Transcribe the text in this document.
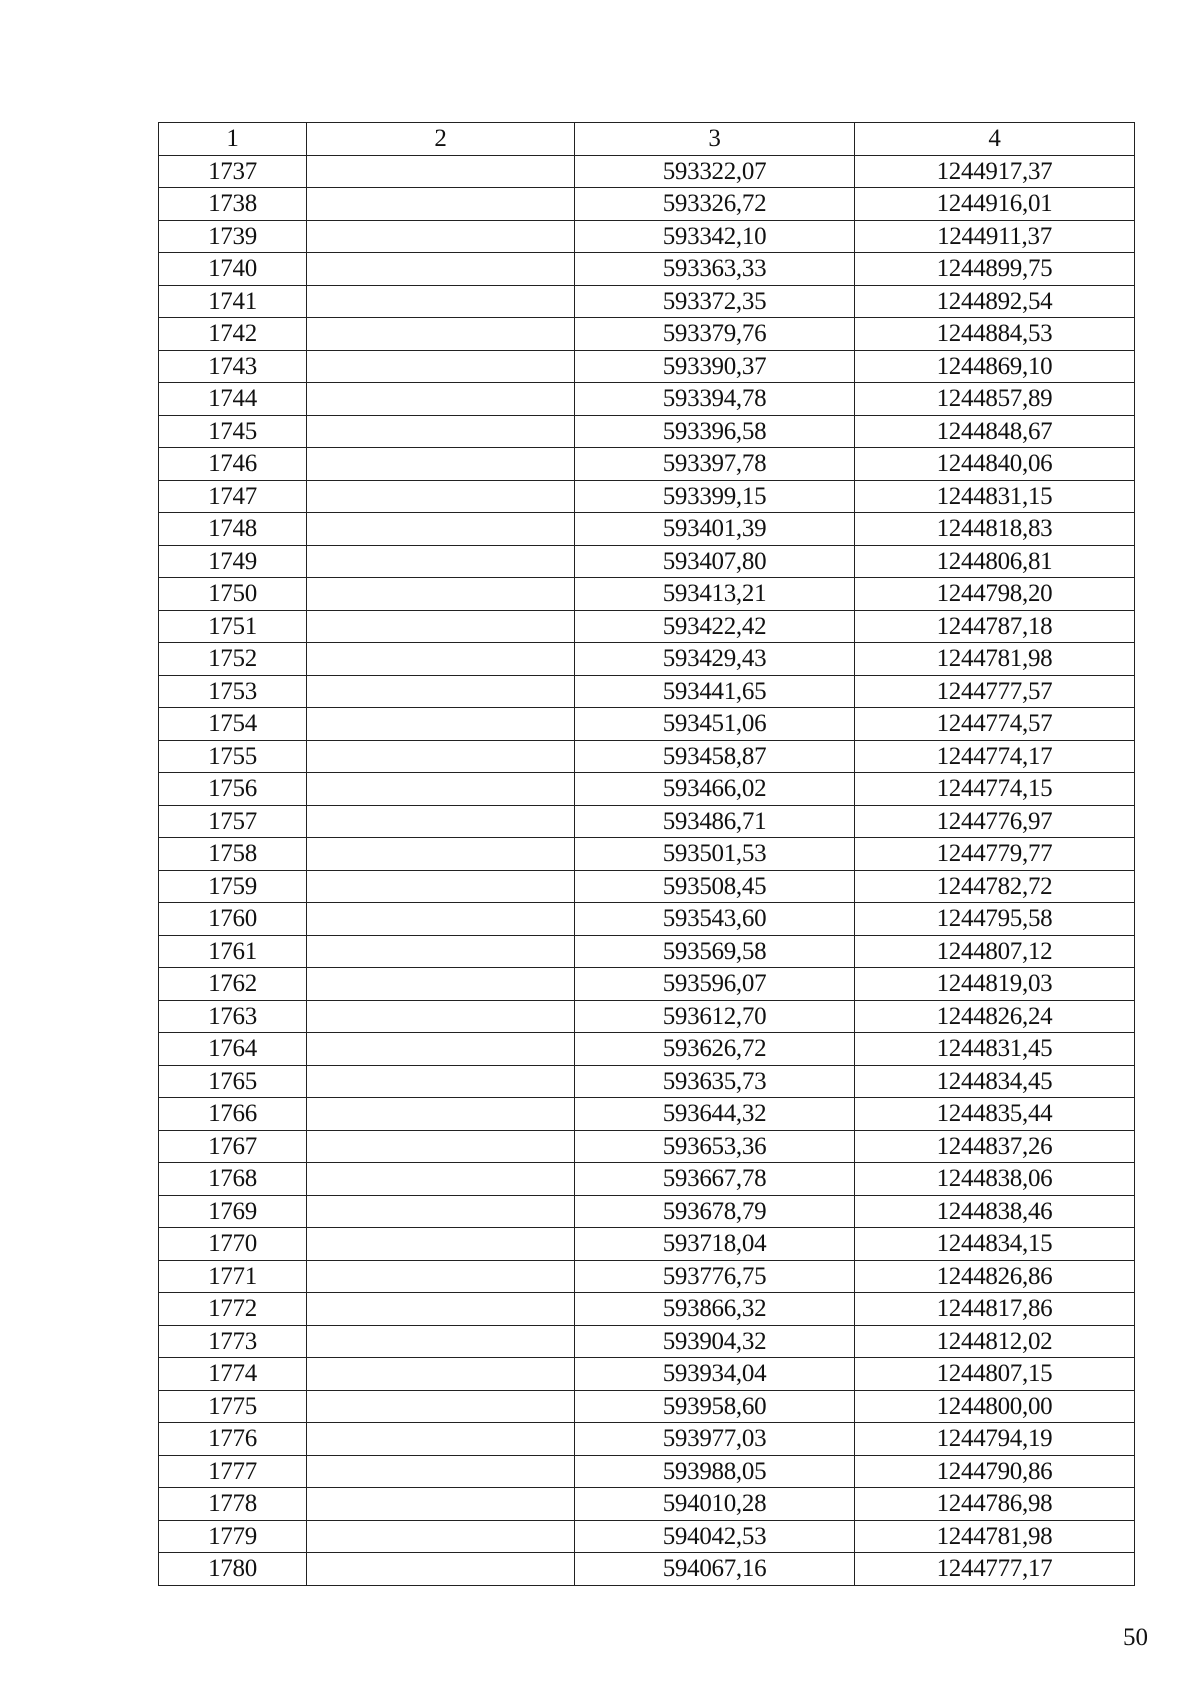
1	2	3	4
1737		593322,07	1244917,37
1738		593326,72	1244916,01
1739		593342,10	1244911,37
1740		593363,33	1244899,75
1741		593372,35	1244892,54
1742		593379,76	1244884,53
1743		593390,37	1244869,10
1744		593394,78	1244857,89
1745		593396,58	1244848,67
1746		593397,78	1244840,06
1747		593399,15	1244831,15
1748		593401,39	1244818,83
1749		593407,80	1244806,81
1750		593413,21	1244798,20
1751		593422,42	1244787,18
1752		593429,43	1244781,98
1753		593441,65	1244777,57
1754		593451,06	1244774,57
1755		593458,87	1244774,17
1756		593466,02	1244774,15
1757		593486,71	1244776,97
1758		593501,53	1244779,77
1759		593508,45	1244782,72
1760		593543,60	1244795,58
1761		593569,58	1244807,12
1762		593596,07	1244819,03
1763		593612,70	1244826,24
1764		593626,72	1244831,45
1765		593635,73	1244834,45
1766		593644,32	1244835,44
1767		593653,36	1244837,26
1768		593667,78	1244838,06
1769		593678,79	1244838,46
1770		593718,04	1244834,15
1771		593776,75	1244826,86
1772		593866,32	1244817,86
1773		593904,32	1244812,02
1774		593934,04	1244807,15
1775		593958,60	1244800,00
1776		593977,03	1244794,19
1777		593988,05	1244790,86
1778		594010,28	1244786,98
1779		594042,53	1244781,98
1780		594067,16	1244777,17
50
